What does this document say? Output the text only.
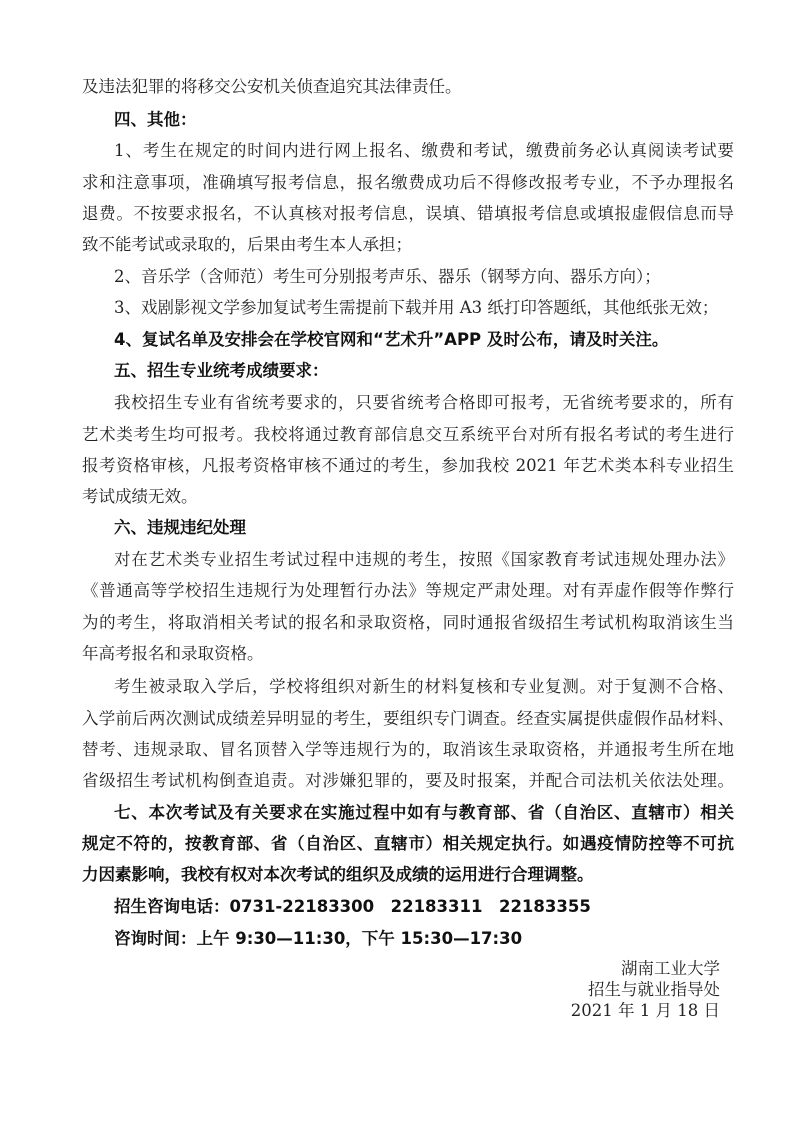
及违法犯罪的将移交公安机关侦查追究其法律责任。
四、其他：
1、考生在规定的时间内进行网上报名、缴费和考试，缴费前务必认真阅读考试要
求和注意事项，准确填写报考信息，报名缴费成功后不得修改报考专业，不予办理报名
退费。不按要求报名，不认真核对报考信息，误填、错填报考信息或填报虚假信息而导
致不能考试或录取的，后果由考生本人承担；
2、音乐学（含师范）考生可分别报考声乐、器乐（钢琴方向、器乐方向）；
3、戏剧影视文学参加复试考生需提前下载并用 A3 纸打印答题纸，其他纸张无效；
4、复试名单及安排会在学校官网和“艺术升”APP 及时公布，请及时关注。
五、招生专业统考成绩要求：
我校招生专业有省统考要求的，只要省统考合格即可报考，无省统考要求的，所有
艺术类考生均可报考。我校将通过教育部信息交互系统平台对所有报名考试的考生进行
报考资格审核，凡报考资格审核不通过的考生，参加我校 2021 年艺术类本科专业招生
考试成绩无效。
六、违规违纪处理
对在艺术类专业招生考试过程中违规的考生，按照《国家教育考试违规处理办法》
《普通高等学校招生违规行为处理暂行办法》等规定严肃处理。对有弄虚作假等作弊行
为的考生，将取消相关考试的报名和录取资格，同时通报省级招生考试机构取消该生当
年高考报名和录取资格。
考生被录取入学后，学校将组织对新生的材料复核和专业复测。对于复测不合格、
入学前后两次测试成绩差异明显的考生，要组织专门调查。经查实属提供虚假作品材料、
替考、违规录取、冒名顶替入学等违规行为的，取消该生录取资格，并通报考生所在地
省级招生考试机构倒查追责。对涉嫌犯罪的，要及时报案，并配合司法机关依法处理。
七、本次考试及有关要求在实施过程中如有与教育部、省（自治区、直辖市）相关
规定不符的，按教育部、省（自治区、直辖市）相关规定执行。如遇疫情防控等不可抗
力因素影响，我校有权对本次考试的组织及成绩的运用进行合理调整。
招生咨询电话：0731-22183300　22183311　22183355
咨询时间：上午 9:30—11:30，下午 15:30—17:30
湖南工业大学
招生与就业指导处
2021 年 1 月 18 日
